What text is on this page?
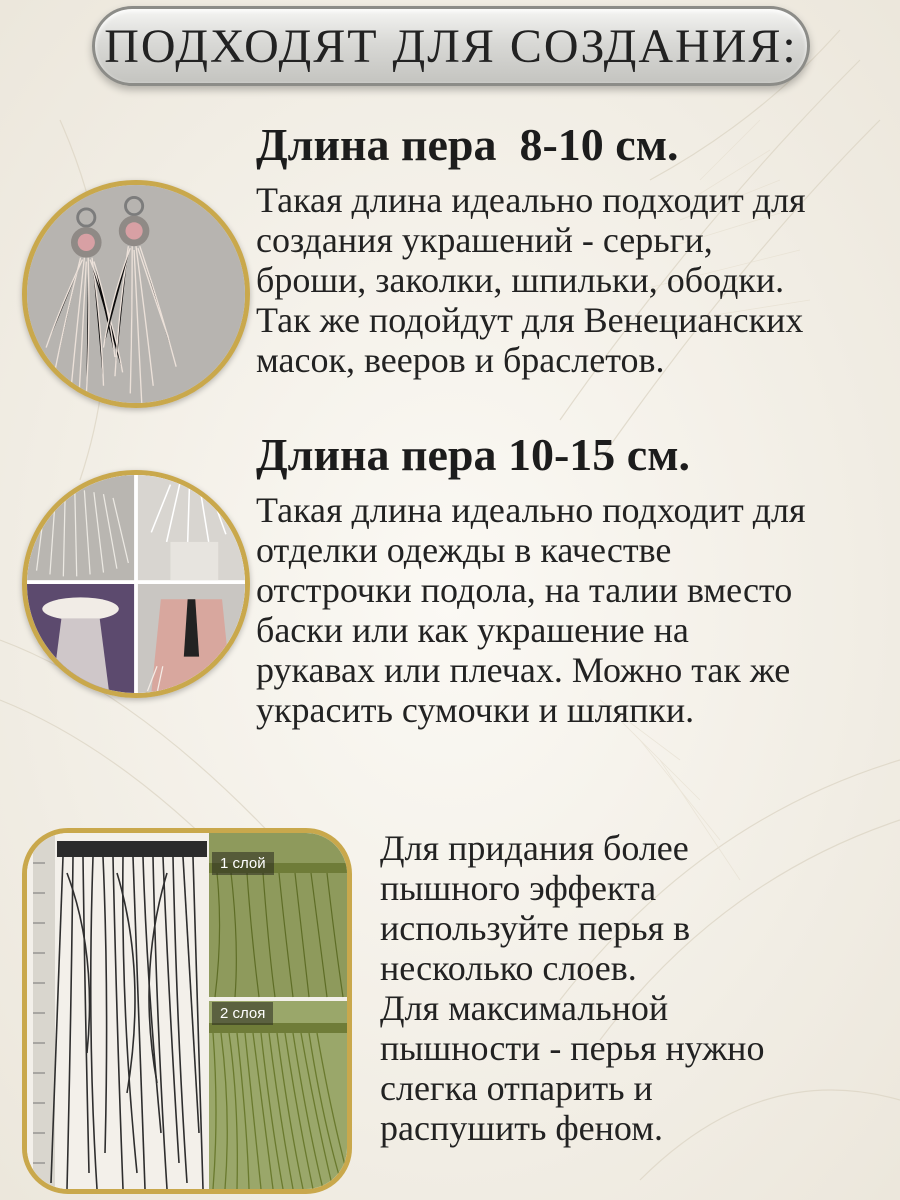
ПОДХОДЯТ ДЛЯ СОЗДАНИЯ:
Длина пера  8-10 см.
Такая длина идеально подходит для
создания украшений - серьги,
броши, заколки, шпильки, ободки.
Так же подойдут для Венецианских
масок, вееров и браслетов.
Длина пера 10-15 см.
Такая длина идеально подходит для
отделки одежды в качестве
отстрочки подола, на талии вместо
баски или как украшение на
рукавах или плечах. Можно так же
украсить сумочки и шляпки.
1 слой
2 слоя
Для придания более
пышного эффекта
используйте перья в
несколько слоев.
Для максимальной
пышности - перья нужно
слегка отпарить и
распушить феном.
